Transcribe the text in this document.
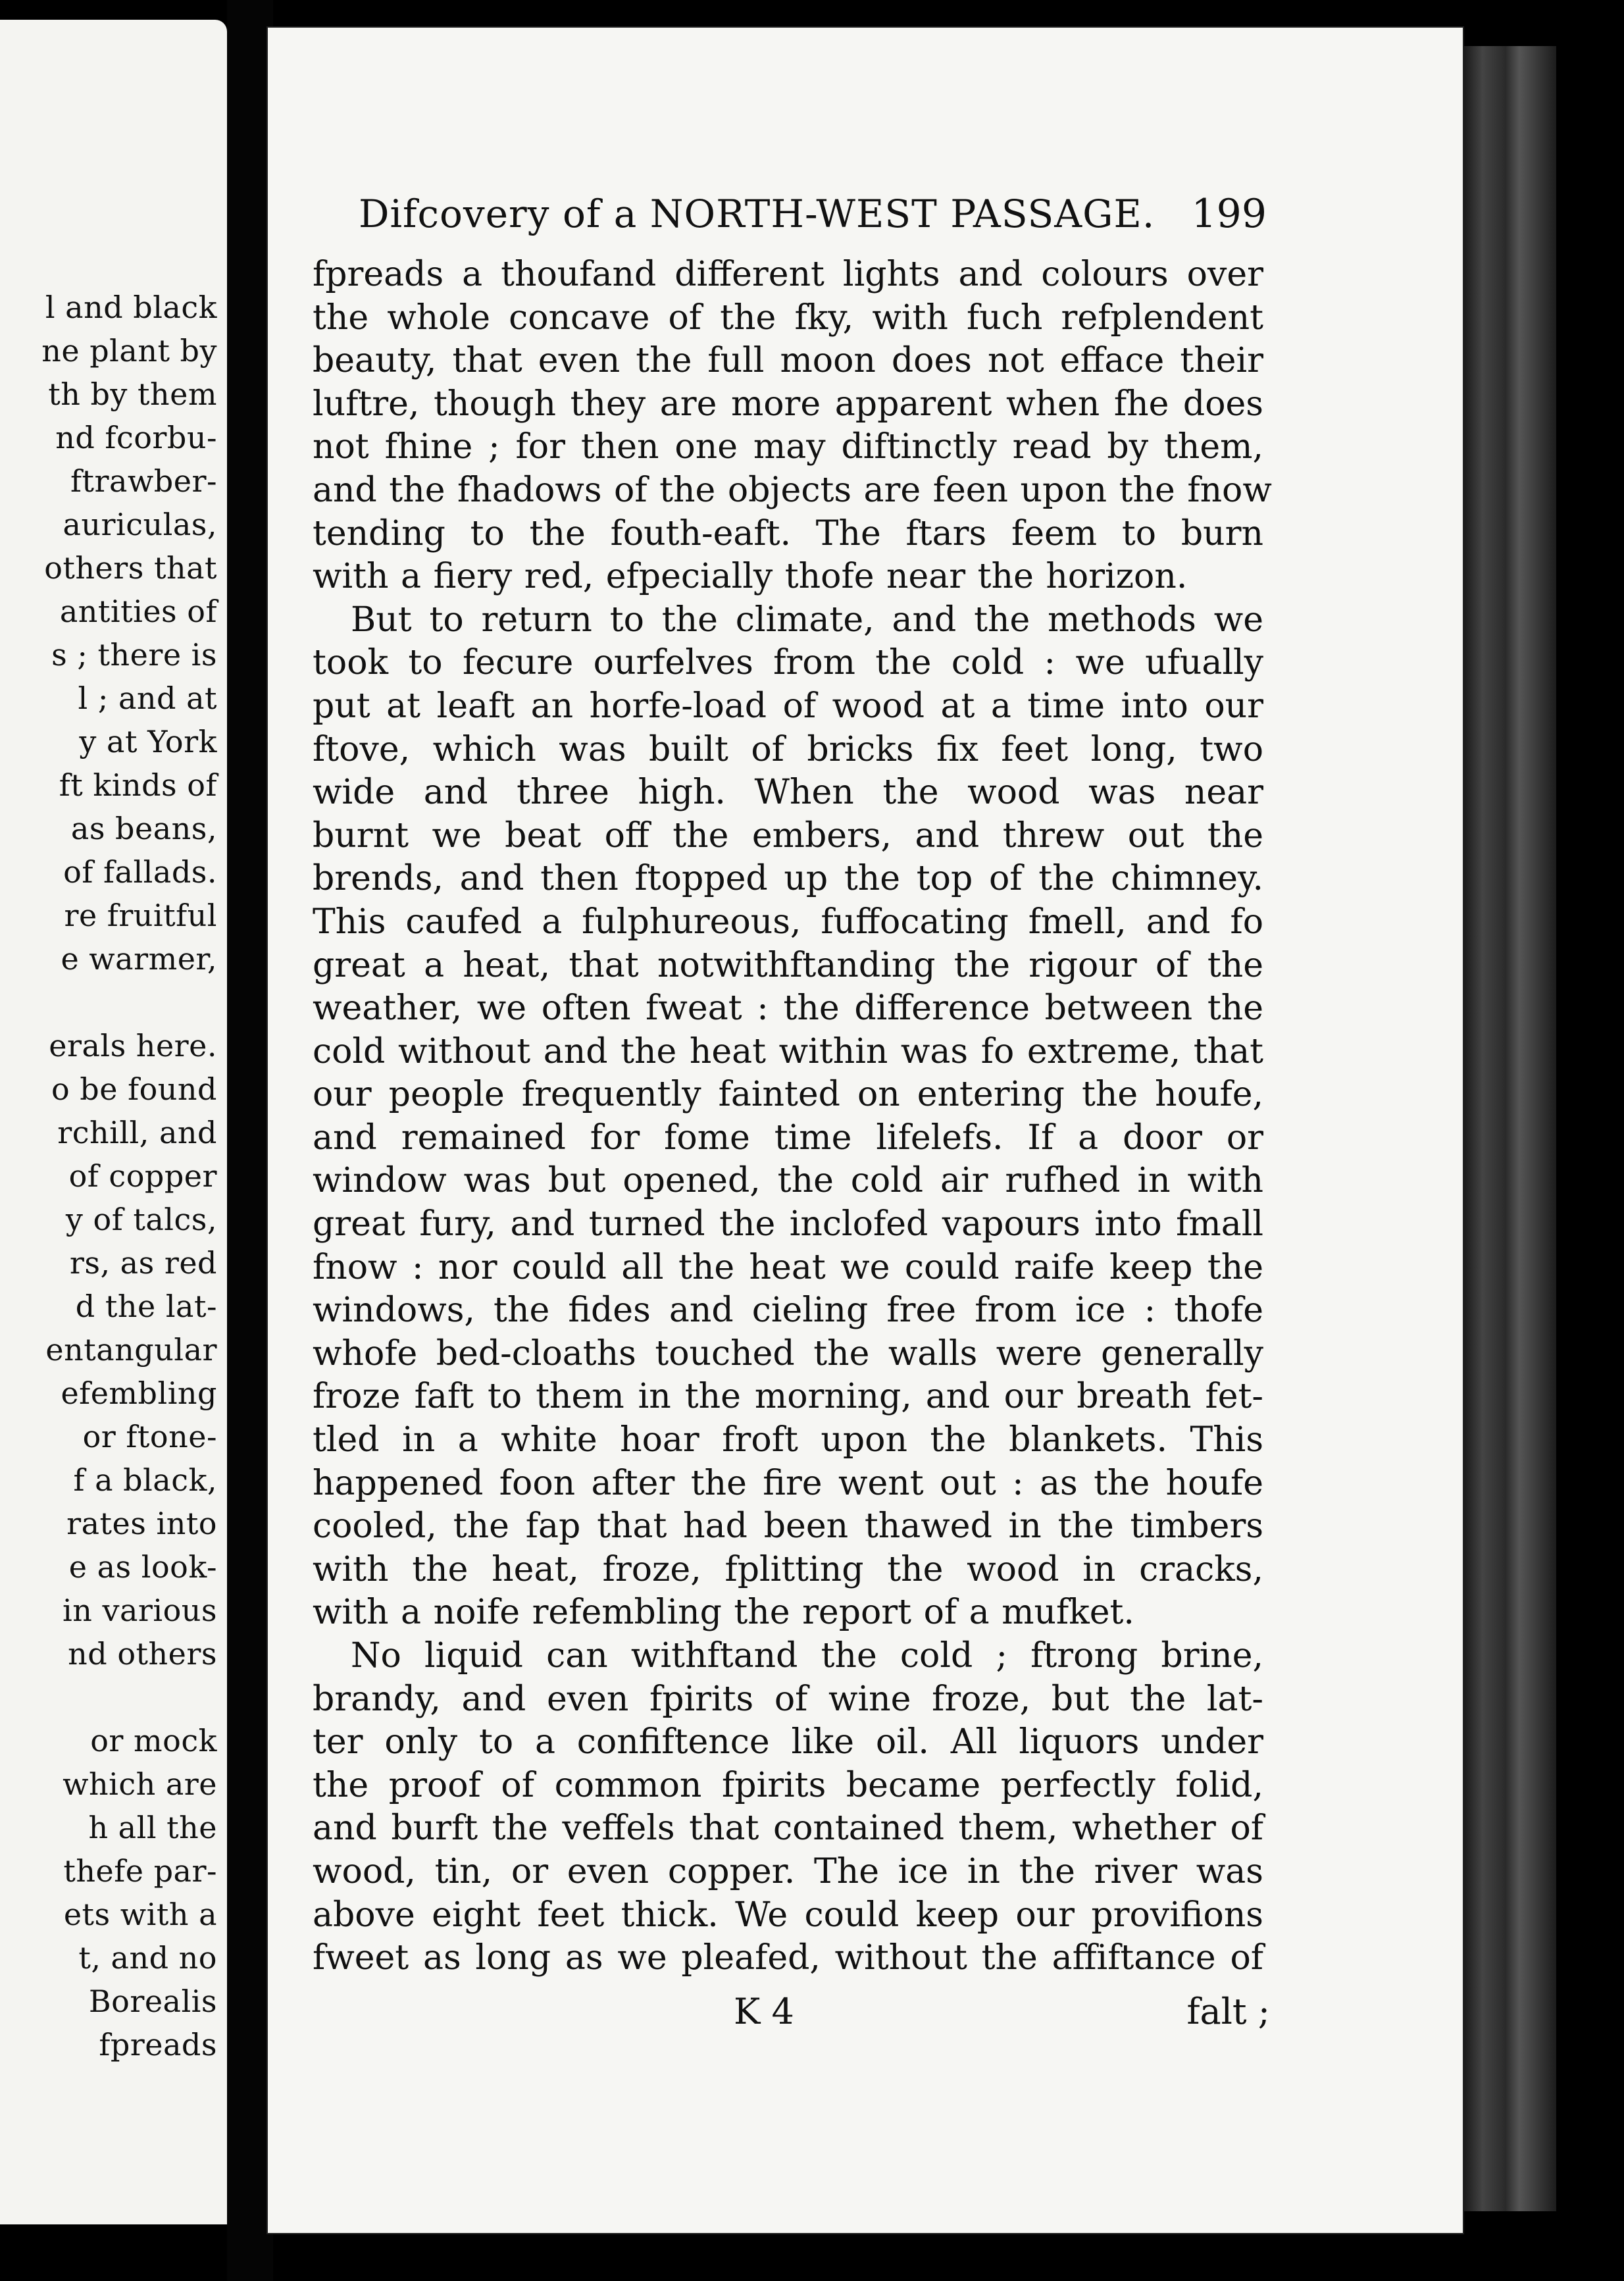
l and black
ne plant by
th by them
nd fcorbu-
ftrawber-
auriculas,
others that
antities of
s ; there is
l ; and at
y at York
ft kinds of
as beans,
of fallads.
re fruitful
e warmer,
erals here.
o be found
rchill, and
of copper
y of talcs,
rs, as red
d the lat-
entangular
efembling
or ftone-
f a black,
rates into
e as look-
in various
nd others
or mock
which are
h all the
thefe par-
ets with a
t, and no
Borealis
fpreads
Difcovery of a NORTH-WEST PASSAGE. 199
fpreads a thoufand different lights and colours over
the whole concave of the fky, with fuch refplendent
beauty, that even the full moon does not efface their
luftre, though they are more apparent when fhe does
not fhine ; for then one may diftinctly read by them,
and the fhadows of the objects are feen upon the fnow
tending to the fouth-eaft. The ftars feem to burn
with a fiery red, efpecially thofe near the horizon.
But to return to the climate, and the methods we
took to fecure ourfelves from the cold : we ufually
put at leaft an horfe-load of wood at a time into our
ftove, which was built of bricks fix feet long, two
wide and three high. When the wood was near
burnt we beat off the embers, and threw out the
brends, and then ftopped up the top of the chimney.
This caufed a fulphureous, fuffocating fmell, and fo
great a heat, that notwithftanding the rigour of the
weather, we often fweat : the difference between the
cold without and the heat within was fo extreme, that
our people frequently fainted on entering the houfe,
and remained for fome time lifelefs. If a door or
window was but opened, the cold air rufhed in with
great fury, and turned the inclofed vapours into fmall
fnow : nor could all the heat we could raife keep the
windows, the fides and cieling free from ice : thofe
whofe bed-cloaths touched the walls were generally
froze faft to them in the morning, and our breath fet-
tled in a white hoar froft upon the blankets. This
happened foon after the fire went out : as the houfe
cooled, the fap that had been thawed in the timbers
with the heat, froze, fplitting the wood in cracks,
with a noife refembling the report of a mufket.
No liquid can withftand the cold ; ftrong brine,
brandy, and even fpirits of wine froze, but the lat-
ter only to a confiftence like oil. All liquors under
the proof of common fpirits became perfectly folid,
and burft the veffels that contained them, whether of
wood, tin, or even copper. The ice in the river was
above eight feet thick. We could keep our provifions
fweet as long as we pleafed, without the affiftance of
K 4	falt ;
